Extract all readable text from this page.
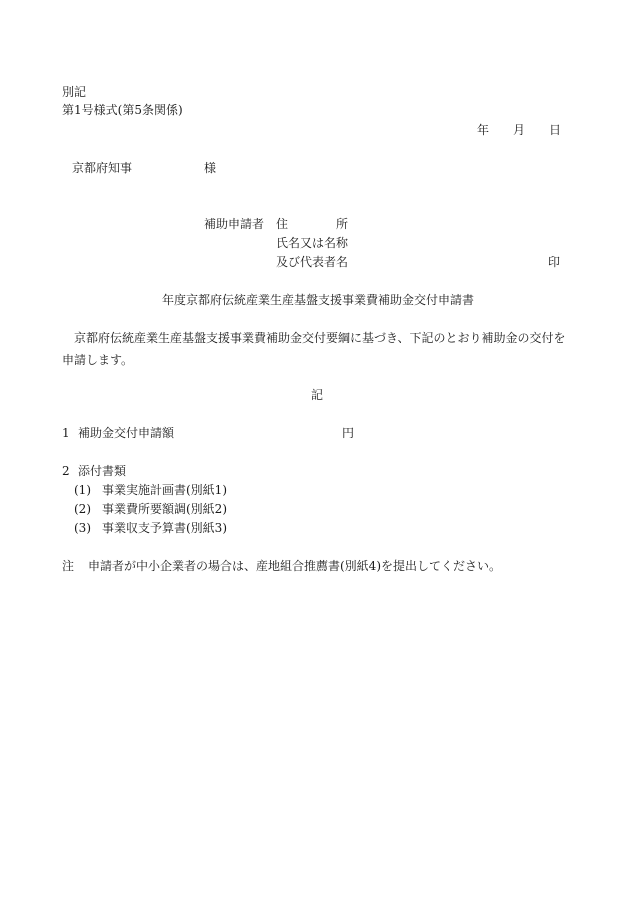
別記
第1号様式(第5条関係)
年 月 日
京都府知事	様
補助申請者 住	所
氏名又は名称
及び代表者名	印
年度京都府伝統産業生産基盤支援事業費補助金交付申請書
京都府伝統産業生産基盤支援事業費補助金交付要綱に基づき、下記のとおり補助金の交付を申請します。
記
1 補助金交付申請額	円
2 添付書類
(1) 事業実施計画書(別紙1)
(2) 事業費所要額調(別紙2)
(3) 事業収支予算書(別紙3)
注 申請者が中小企業者の場合は、産地組合推薦書(別紙4)を提出してください。
